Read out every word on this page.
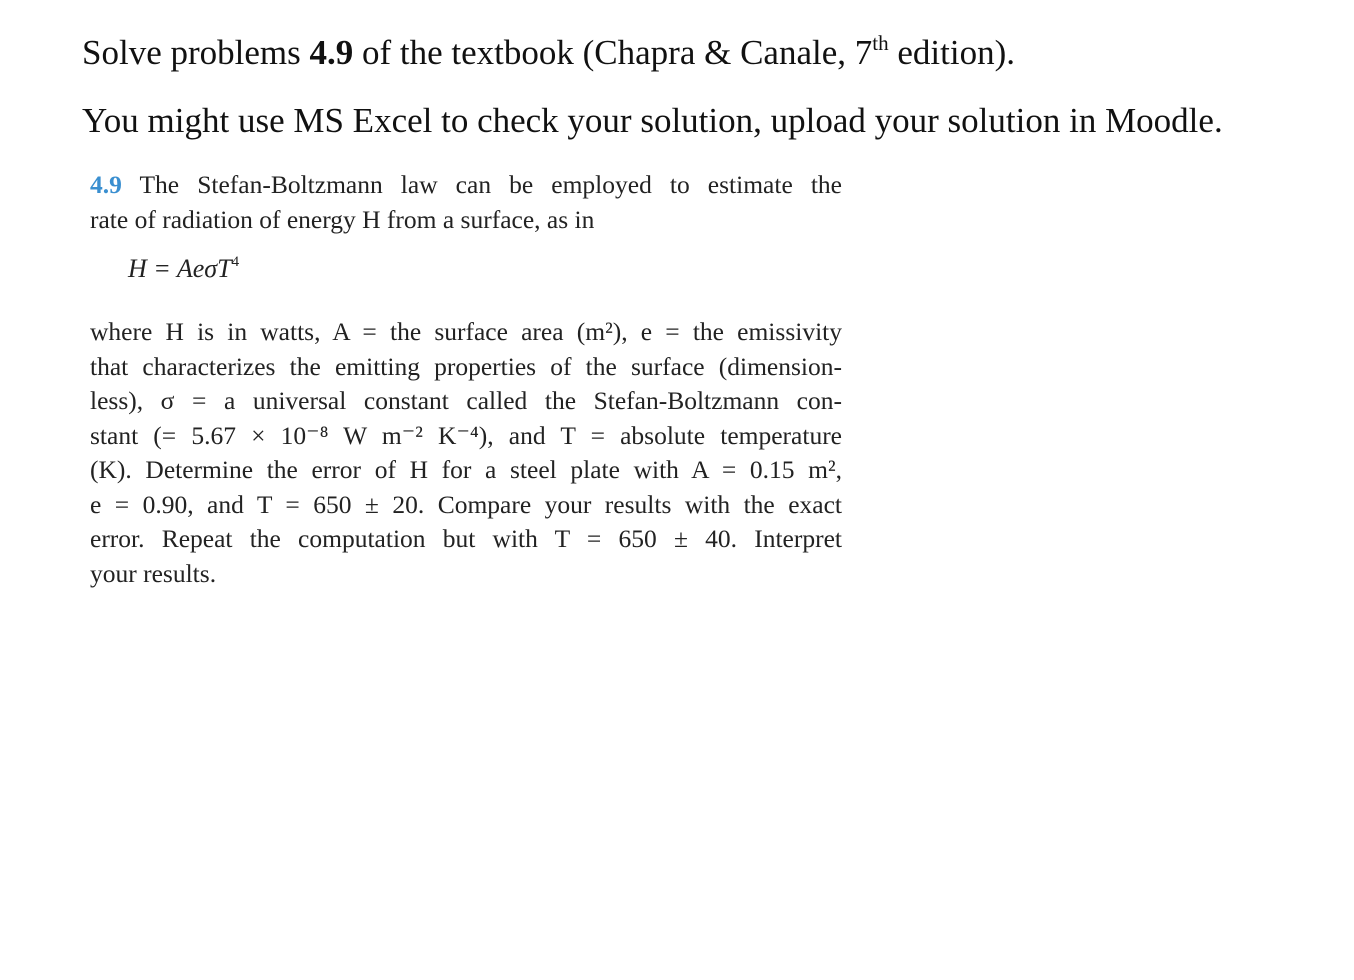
Solve problems 4.9 of the textbook (Chapra & Canale, 7th edition).
You might use MS Excel to check your solution, upload your solution in Moodle.
4.9 The Stefan-Boltzmann law can be employed to estimate the
rate of radiation of energy H from a surface, as in
H = AeσT$^4$
where H is in watts, A = the surface area (m²), e = the emissivity
that characterizes the emitting properties of the surface (dimension-
less), σ = a universal constant called the Stefan-Boltzmann con-
stant (= 5.67 × 10⁻⁸ W m⁻² K⁻⁴), and T = absolute temperature
(K). Determine the error of H for a steel plate with A = 0.15 m²,
e = 0.90, and T = 650 ± 20. Compare your results with the exact
error. Repeat the computation but with T = 650 ± 40. Interpret
your results.
